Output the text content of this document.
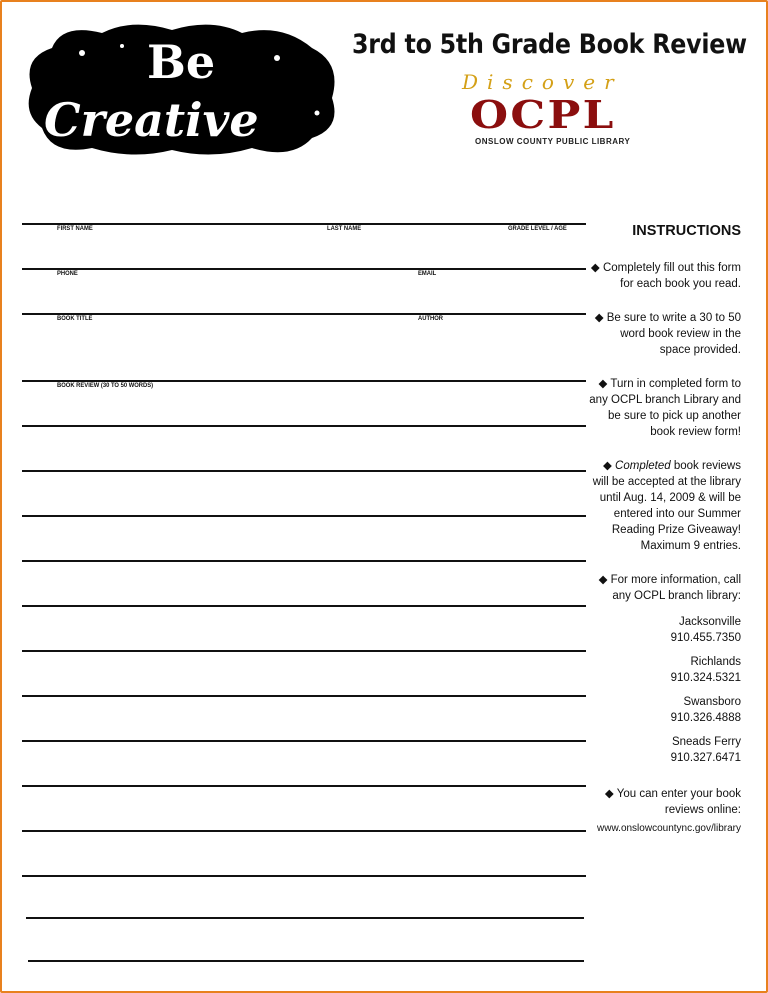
Be
Creative
3rd to 5th Grade Book Review
Discover
OCPL
ONSLOW COUNTY PUBLIC LIBRARY
FIRST NAME	LAST NAME	GRADE LEVEL / AGE
PHONE	EMAIL
BOOK TITLE	AUTHOR
BOOK REVIEW (30 TO 50 WORDS)
INSTRUCTIONS
◆ Completely fill out this form for each book you read.
◆ Be sure to write a 30 to 50 word book review in the space provided.
◆ Turn in completed form to any OCPL branch Library and be sure to pick up another book review form!
◆ Completed book reviews will be accepted at the library until Aug. 14, 2009 & will be entered into our Summer Reading Prize Giveaway! Maximum 9 entries.
◆ For more information, call any OCPL branch library:
Jacksonville
910.455.7350
Richlands
910.324.5321
Swansboro
910.326.4888
Sneads Ferry
910.327.6471
◆ You can enter your book reviews online:
www.onslowcountync.gov/library
